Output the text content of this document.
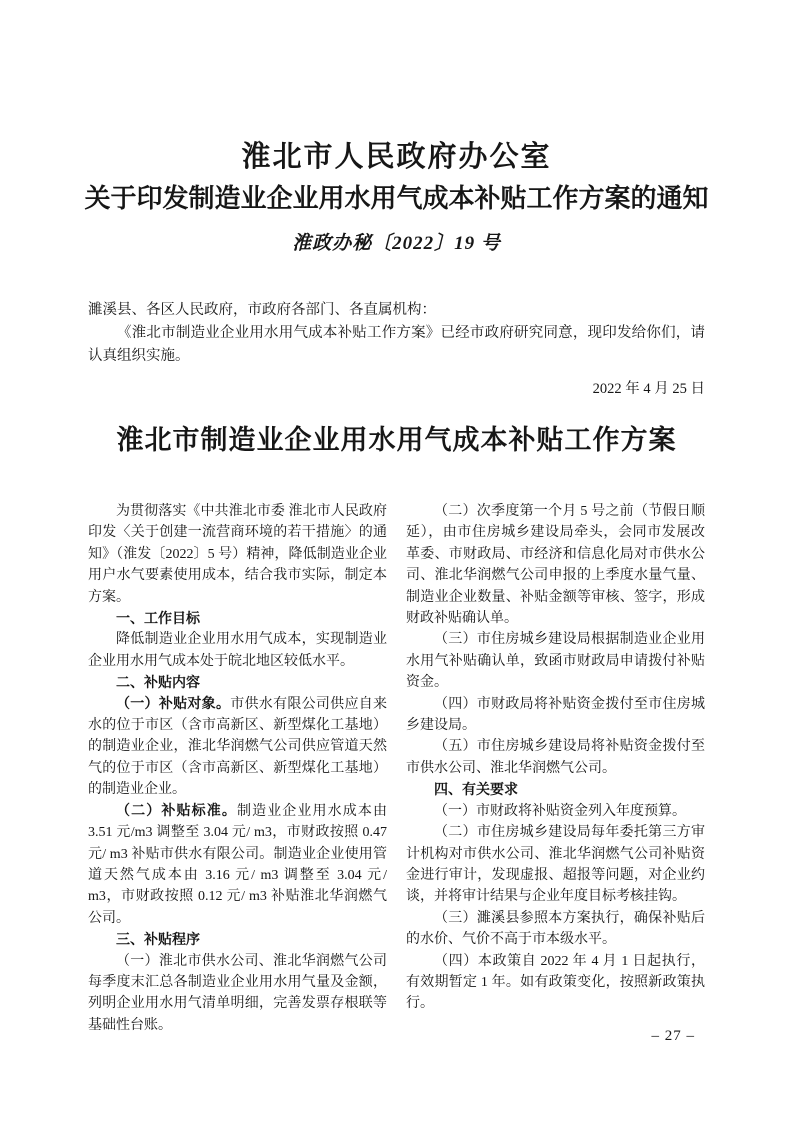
淮北市人民政府办公室
关于印发制造业企业用水用气成本补贴工作方案的通知
淮政办秘〔2022〕19 号

濉溪县、各区人民政府，市政府各部门、各直属机构：

《淮北市制造业企业用水用气成本补贴工作方案》已经市政府研究同意，现印发给你们，请认真组织实施。

2022 年 4 月 25 日

淮北市制造业企业用水用气成本补贴工作方案

为贯彻落实《中共淮北市委 淮北市人民政府印发〈关于创建一流营商环境的若干措施〉的通知》（淮发〔2022〕5 号）精神，降低制造业企业用户水气要素使用成本，结合我市实际，制定本方案。

一、工作目标

降低制造业企业用水用气成本，实现制造业企业用水用气成本处于皖北地区较低水平。

二、补贴内容

（一）补贴对象。市供水有限公司供应自来水的位于市区（含市高新区、新型煤化工基地）的制造业企业，淮北华润燃气公司供应管道天然气的位于市区（含市高新区、新型煤化工基地）的制造业企业。

（二）补贴标准。制造业企业用水成本由 3.51 元/m3 调整至 3.04 元/ m3，市财政按照 0.47 元/ m3 补贴市供水有限公司。制造业企业使用管道天然气成本由 3.16 元/ m3 调整至 3.04 元/ m3，市财政按照 0.12 元/ m3 补贴淮北华润燃气公司。

三、补贴程序

（一）淮北市供水公司、淮北华润燃气公司每季度末汇总各制造业企业用水用气量及金额，列明企业用水用气清单明细，完善发票存根联等基础性台账。

（二）次季度第一个月 5 号之前（节假日顺延），由市住房城乡建设局牵头，会同市发展改革委、市财政局、市经济和信息化局对市供水公司、淮北华润燃气公司申报的上季度水量气量、制造业企业数量、补贴金额等审核、签字，形成财政补贴确认单。

（三）市住房城乡建设局根据制造业企业用水用气补贴确认单，致函市财政局申请拨付补贴资金。

（四）市财政局将补贴资金拨付至市住房城乡建设局。

（五）市住房城乡建设局将补贴资金拨付至市供水公司、淮北华润燃气公司。

四、有关要求

（一）市财政将补贴资金列入年度预算。

（二）市住房城乡建设局每年委托第三方审计机构对市供水公司、淮北华润燃气公司补贴资金进行审计，发现虚报、超报等问题，对企业约谈，并将审计结果与企业年度目标考核挂钩。

（三）濉溪县参照本方案执行，确保补贴后的水价、气价不高于市本级水平。

（四）本政策自 2022 年 4 月 1 日起执行，有效期暂定 1 年。如有政策变化，按照新政策执行。

– 27 –
